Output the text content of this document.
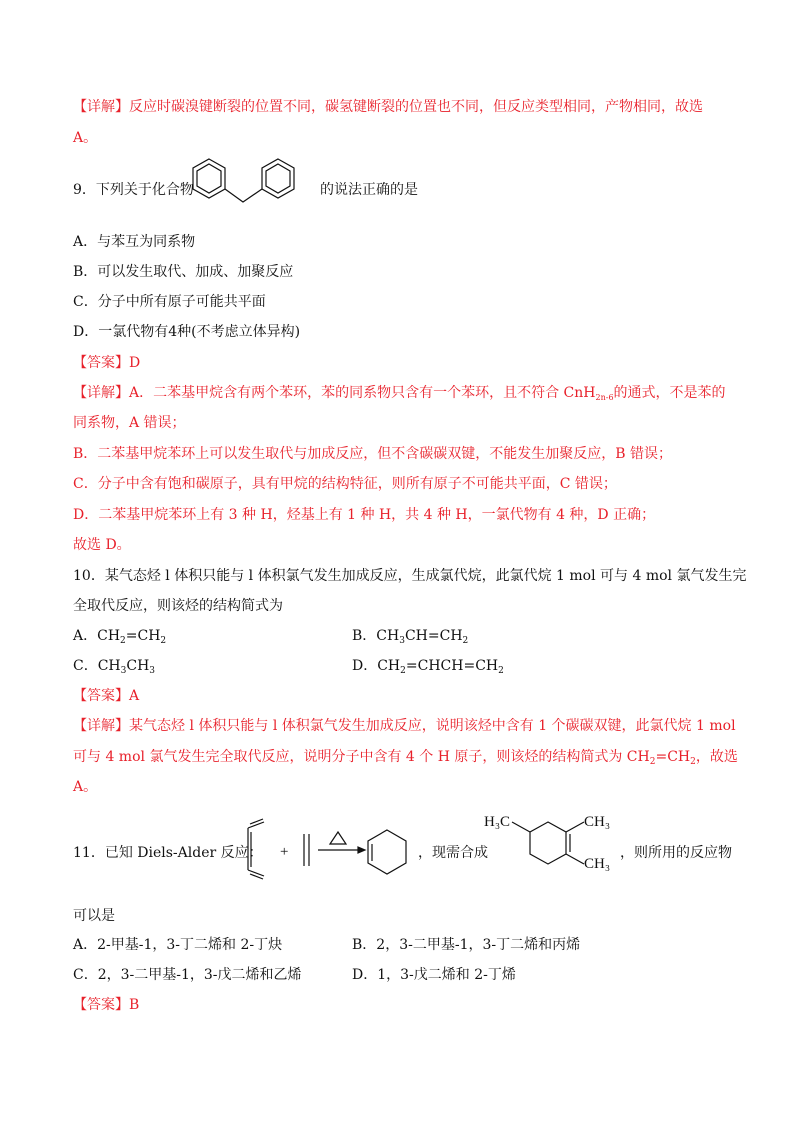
【详解】反应时碳溴键断裂的位置不同，碳氢键断裂的位置也不同，但反应类型相同，产物相同，故选
A。
9．下列关于化合物	的说法正确的是
A．与苯互为同系物
B．可以发生取代、加成、加聚反应
C．分子中所有原子可能共平面
D．一氯代物有4种(不考虑立体异构)
【答案】D
【详解】A．二苯基甲烷含有两个苯环，苯的同系物只含有一个苯环，且不符合 CnH$_{2n-6}$的通式，不是苯的
同系物，A 错误；
B．二苯基甲烷苯环上可以发生取代与加成反应，但不含碳碳双键，不能发生加聚反应，B 错误；
C．分子中含有饱和碳原子，具有甲烷的结构特征，则所有原子不可能共平面，C 错误；
D．二苯基甲烷苯环上有 3 种 H，烃基上有 1 种 H，共 4 种 H，一氯代物有 4 种，D 正确；
故选 D。
10．某气态烃 l 体积只能与 l 体积氯气发生加成反应，生成氯代烷，此氯代烷 1 mol 可与 4 mol 氯气发生完
全取代反应，则该烃的结构简式为
A．$CH_2=CH_2$	B．$CH_3CH=CH_2$
C．$CH_3CH_3$	D．$CH_2=CHCH=CH_2$
【答案】A
【详解】某气态烃 l 体积只能与 l 体积氯气发生加成反应，说明该烃中含有 1 个碳碳双键，此氯代烷 1 mol
可与 4 mol 氯气发生完全取代反应，说明分子中含有 4 个 H 原子，则该烃的结构简式为 $CH_2=CH_2$，故选
A。
11．已知 Diels-Alder 反应： +	，现需合成
H₃C	CH₃
CH₃
，则所用的反应物
可以是
A．2-甲基-1，3-丁二烯和 2-丁炔	B．2，3-二甲基-1，3-丁二烯和丙烯
C．2，3-二甲基-1，3-戊二烯和乙烯	D．1，3-戊二烯和 2-丁烯
【答案】B
